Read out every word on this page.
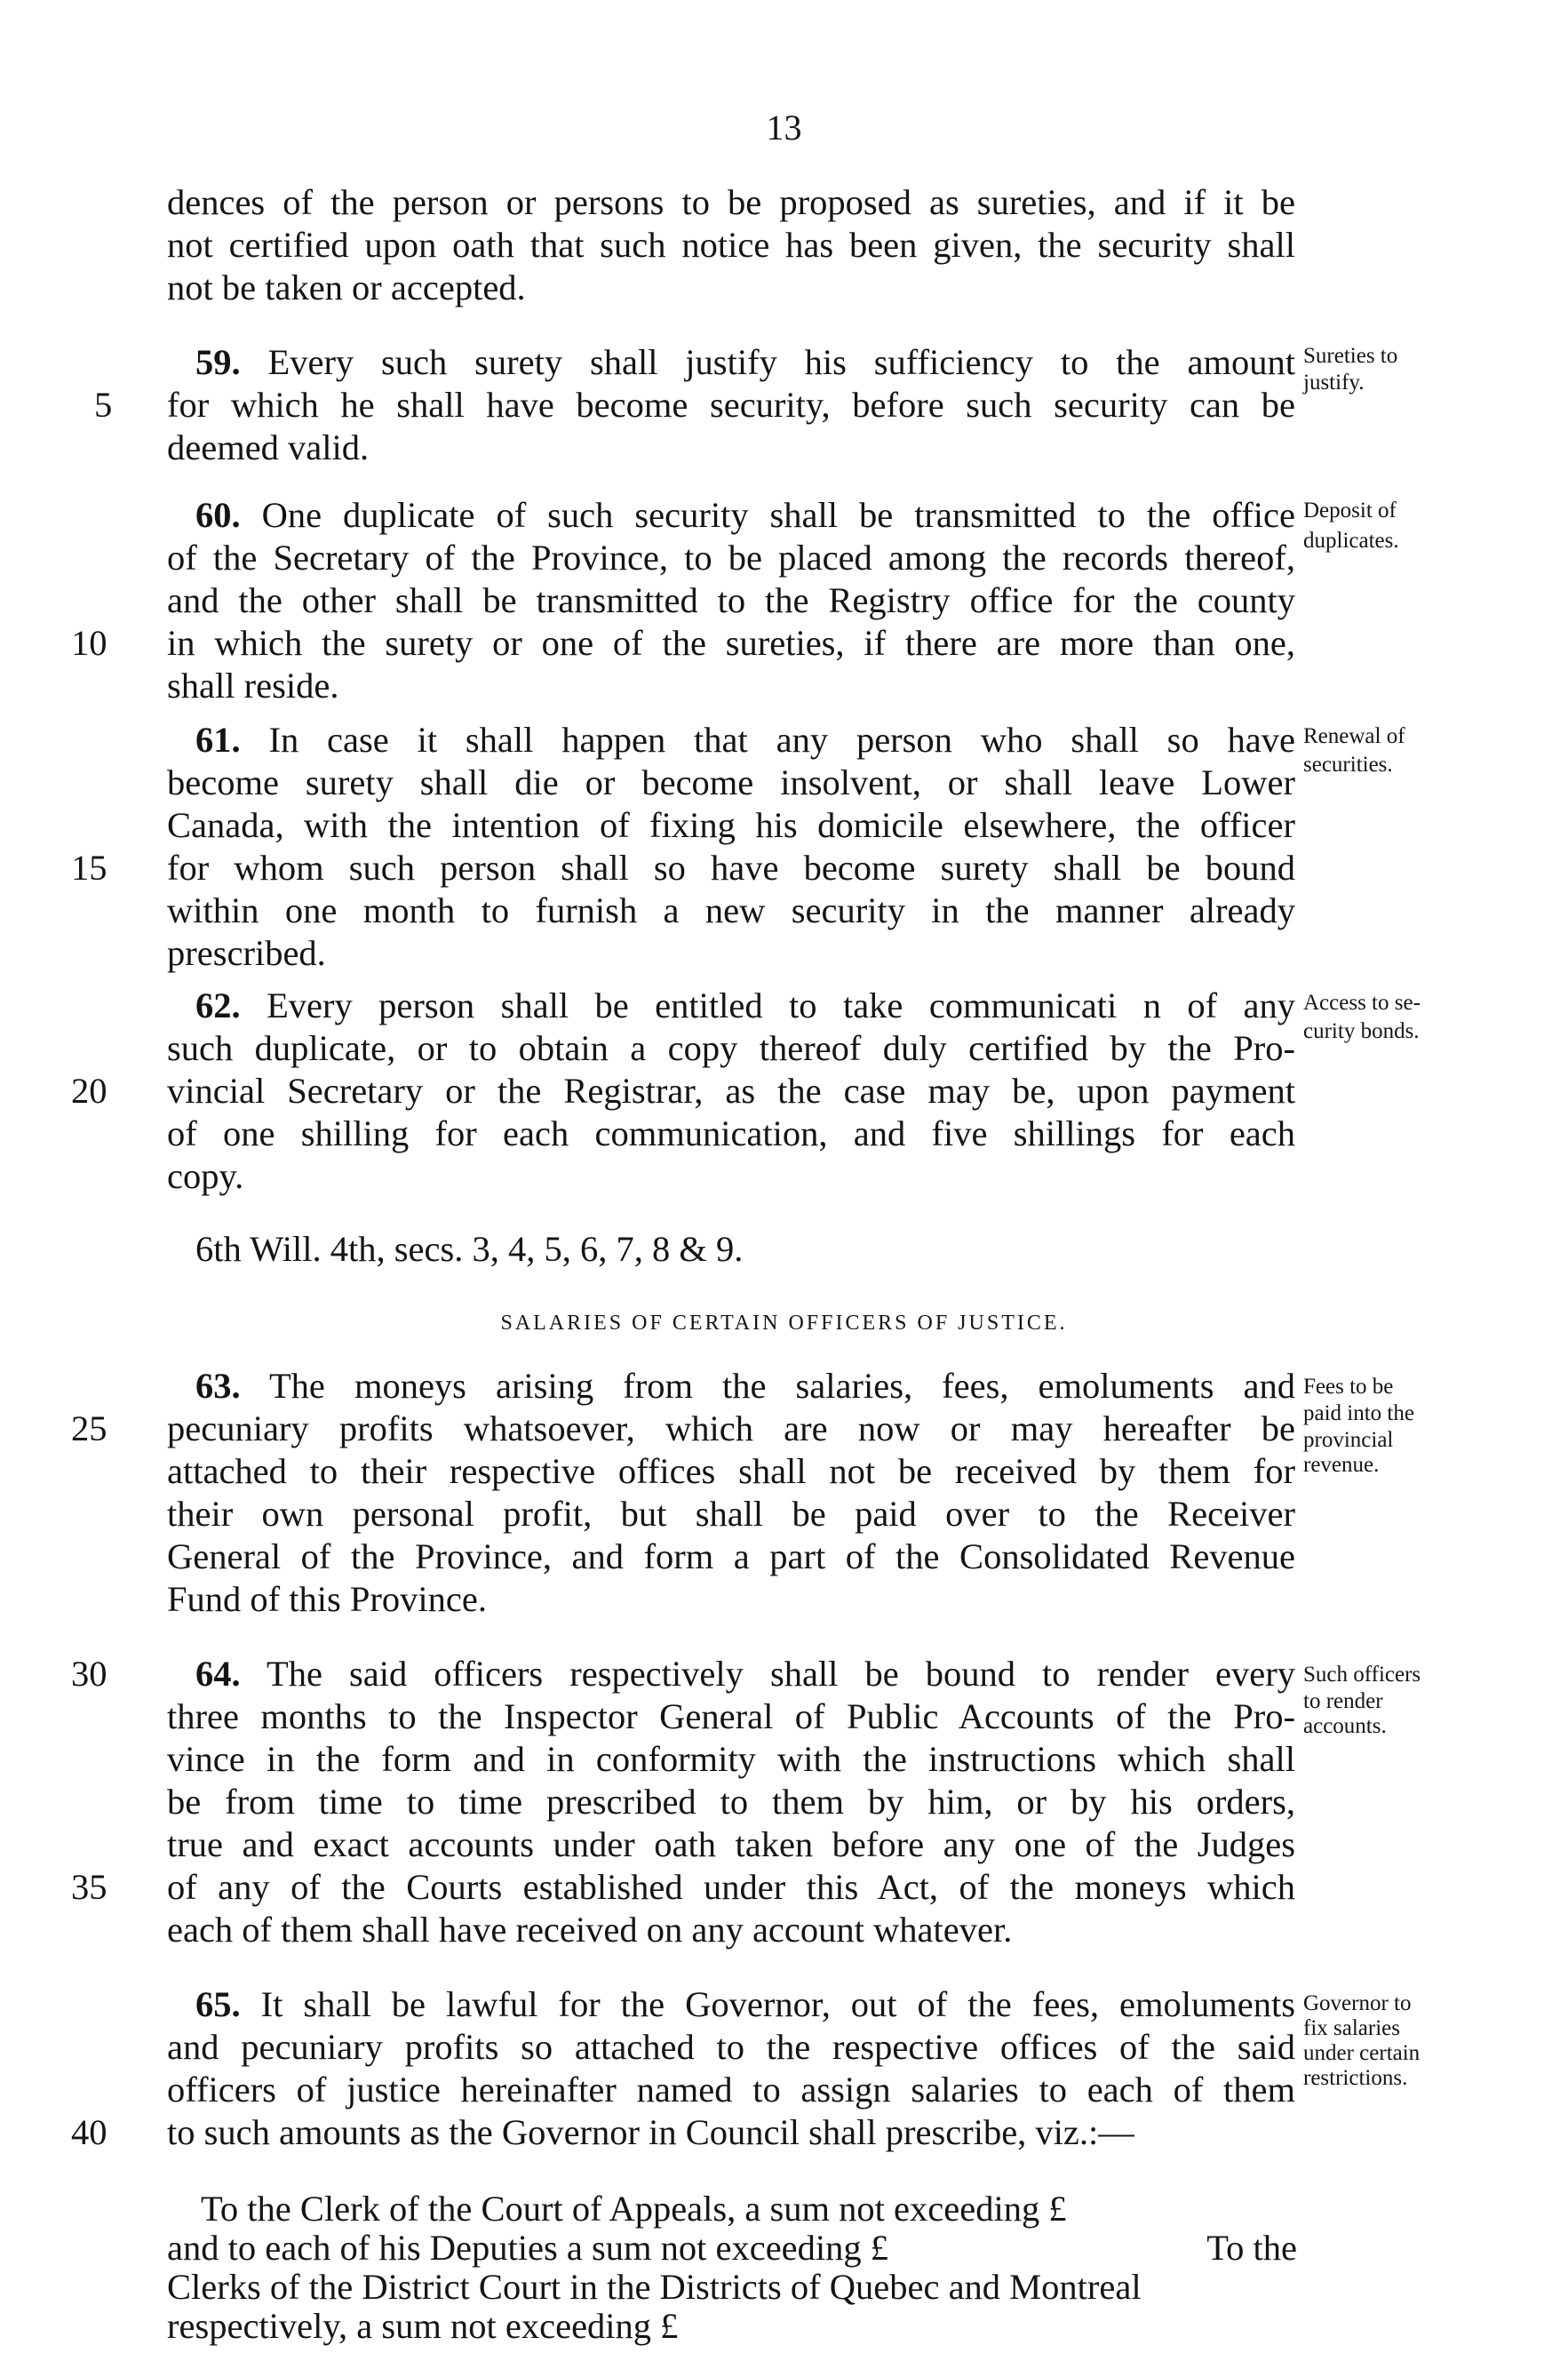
13

dences of the person or persons to be proposed as sureties, and if it be

not certified upon oath that such notice has been given, the security shall

not be taken or accepted.

59. Every such surety shall justify his sufficiency to the amount

for which he shall have become security, before such security can be

deemed valid.

Sureties to

justify.

60. One duplicate of such security shall be transmitted to the office

of the Secretary of the Province, to be placed among the records thereof,

and the other shall be transmitted to the Registry office for the county

in which the surety or one of the sureties, if there are more than one,

shall reside.

Deposit of

duplicates.

61. In case it shall happen that any person who shall so have

become surety shall die or become insolvent, or shall leave Lower

Canada, with the intention of fixing his domicile elsewhere, the officer

for whom such person shall so have become surety shall be bound

within one month to furnish a new security in the manner already

prescribed.

Renewal of

securities.

62. Every person shall be entitled to take communicati n of any

such duplicate, or to obtain a copy thereof duly certified by the Pro-

vincial Secretary or the Registrar, as the case may be, upon payment

of one shilling for each communication, and five shillings for each

copy.

Access to se-

curity bonds.

6th Will. 4th, secs. 3, 4, 5, 6, 7, 8 & 9.

SALARIES OF CERTAIN OFFICERS OF JUSTICE.

63. The moneys arising from the salaries, fees, emoluments and

pecuniary profits whatsoever, which are now or may hereafter be

attached to their respective offices shall not be received by them for

their own personal profit, but shall be paid over to the Receiver

General of the Province, and form a part of the Consolidated Revenue

Fund of this Province.

Fees to be

paid into the

provincial

revenue.

64. The said officers respectively shall be bound to render every

three months to the Inspector General of Public Accounts of the Pro-

vince in the form and in conformity with the instructions which shall

be from time to time prescribed to them by him, or by his orders,

true and exact accounts under oath taken before any one of the Judges

of any of the Courts established under this Act, of the moneys which

each of them shall have received on any account whatever.

Such officers

to render

accounts.

65. It shall be lawful for the Governor, out of the fees, emoluments

and pecuniary profits so attached to the respective offices of the said

officers of justice hereinafter named to assign salaries to each of them

to such amounts as the Governor in Council shall prescribe, viz.:—

Governor to

fix salaries

under certain

restrictions.

To the Clerk of the Court of Appeals, a sum not exceeding £

and to each of his Deputies a sum not exceeding £	To the

Clerks of the District Court in the Districts of Quebec and Montreal

respectively, a sum not exceeding £

5

10

15

20

25

30

35

40
